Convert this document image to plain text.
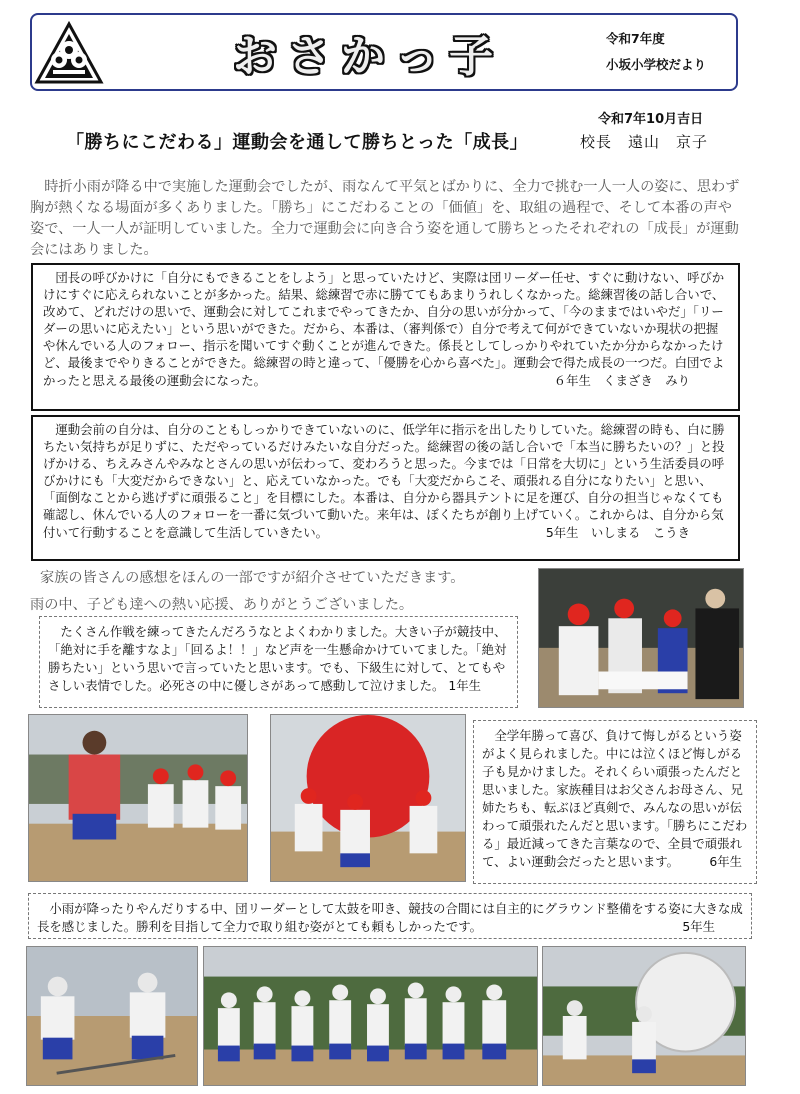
おさかっ子	令和7年度
小坂小学校だより
令和7年10月吉日
「勝ちにこだわる」運動会を通して勝ちとった「成長」	校長　遠山　京子
時折小雨が降る中で実施した運動会でしたが、雨なんて平気とばかりに、全力で挑む一人一人の姿に、思わず胸が熱くなる場面が多くありました。「勝ち」にこだわることの「価値」を、取組の過程で、そして本番の声や姿で、一人一人が証明していました。全力で運動会に向き合う姿を通して勝ちとったそれぞれの「成長」が運動会にはありました。

団長の呼びかけに「自分にもできることをしよう」と思っていたけど、実際は団リーダー任せ、すぐに動けない、呼びかけにすぐに応えられないことが多かった。結果、総練習で赤に勝ててもあまりうれしくなかった。総練習後の話し合いで、改めて、どれだけの思いで、運動会に対してこれまでやってきたか、自分の思いが分かって、「今のままではいやだ」「リーダーの思いに応えたい」という思いができた。だから、本番は、（審判係で）自分で考えて何ができていないか現状の把握や休んでいる人のフォロー、指示を聞いてすぐ動くことが進んできた。係長としてしっかりやれていたか分からなかったけど、最後までやりきることができた。総練習の時と違って、「優勝を心から喜べた」。運動会で得た成長の一つだ。白団でよかったと思える最後の運動会になった。	６年生　くまざき　みり

運動会前の自分は、自分のこともしっかりできていないのに、低学年に指示を出したりしていた。総練習の時も、白に勝ちたい気持ちが足りずに、ただやっているだけみたいな自分だった。総練習の後の話し合いで「本当に勝ちたいの？」と投げかける、ちえみさんやみなとさんの思いが伝わって、変わろうと思った。今までは「日常を大切に」という生活委員の呼びかけにも「大変だからできない」と、応えていなかった。でも「大変だからこそ、頑張れる自分になりたい」と思い、「面倒なことから逃げずに頑張ること」を目標にした。本番は、自分から器具テントに足を運び、自分の担当じゃなくても確認し、休んでいる人のフォローを一番に気づいて動いた。来年は、ぼくたちが創り上げていく。これからは、自分から気付いて行動することを意識して生活していきたい。	5年生　いしまる　こうき
家族の皆さんの感想をほんの一部ですが紹介させていただきます。
雨の中、子ども達への熱い応援、ありがとうございました。

たくさん作戦を練ってきたんだろうなとよくわかりました。大きい子が競技中、「絶対に手を離すなよ」「回るよ！！」など声を一生懸命かけていてました。「絶対勝ちたい」という思いで言っていたと思います。でも、下級生に対して、とてもやさしい表情でした。必死さの中に優しさがあって感動して泣けました。 1年生

全学年勝って喜び、負けて悔しがるという姿がよく見られました。中には泣くほど悔しがる子も見かけました。それくらい頑張ったんだと思いました。家族種目はお父さんお母さん、兄姉たちも、転ぶほど真剣で、みんなの思いが伝わって頑張れたんだと思います。「勝ちにこだわる」最近減ってきた言葉なので、全員で頑張れて、よい運動会だったと思います。	6年生

小雨が降ったりやんだりする中、団リーダーとして太鼓を叩き、競技の合間には自主的にグラウンド整備をする姿に大きな成長を感じました。勝利を目指して全力で取り組む姿がとても頼もしかったです。	5年生
